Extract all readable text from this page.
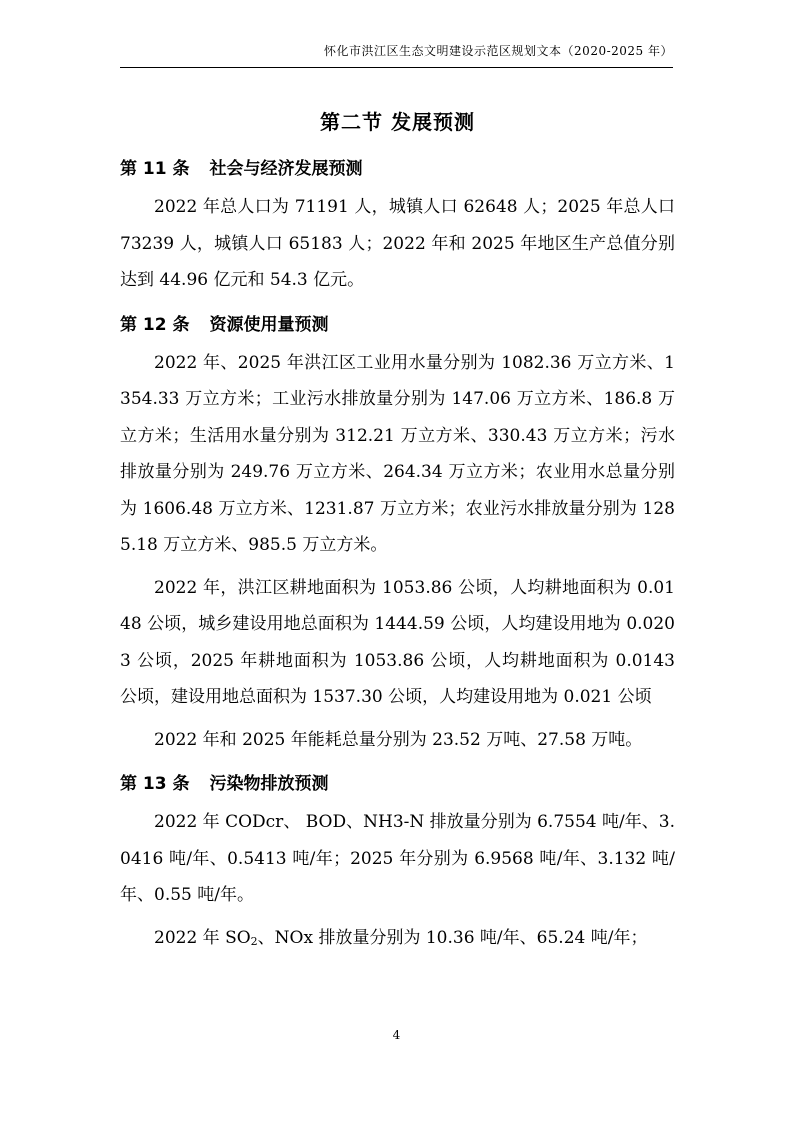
怀化市洪江区生态文明建设示范区规划文本（2020-2025 年）
第二节 发展预测
第 11 条 社会与经济发展预测

2022 年总人口为 71191 人，城镇人口 62648 人；2025 年总人口 73239 人，城镇人口 65183 人；2022 年和 2025 年地区生产总值分别达到 44.96 亿元和 54.3 亿元。

第 12 条 资源使用量预测

2022 年、2025 年洪江区工业用水量分别为 1082.36 万立方米、1354.33 万立方米；工业污水排放量分别为 147.06 万立方米、186.8 万立方米；生活用水量分别为 312.21 万立方米、330.43 万立方米；污水排放量分别为 249.76 万立方米、264.34 万立方米；农业用水总量分别为 1606.48 万立方米、1231.87 万立方米；农业污水排放量分别为 1285.18 万立方米、985.5 万立方米。

2022 年，洪江区耕地面积为 1053.86 公顷，人均耕地面积为 0.0148 公顷，城乡建设用地总面积为 1444.59 公顷，人均建设用地为 0.0203 公顷，2025 年耕地面积为 1053.86 公顷，人均耕地面积为 0.0143 公顷，建设用地总面积为 1537.30 公顷，人均建设用地为 0.021 公顷

2022 年和 2025 年能耗总量分别为 23.52 万吨、27.58 万吨。

第 13 条 污染物排放预测

2022 年 CODcr、 BOD、NH3-N 排放量分别为 6.7554 吨/年、3.0416 吨/年、0.5413 吨/年；2025 年分别为 6.9568 吨/年、3.132 吨/年、0.55 吨/年。

2022 年 $SO_2$、NOx 排放量分别为 10.36 吨/年、65.24 吨/年；

4
